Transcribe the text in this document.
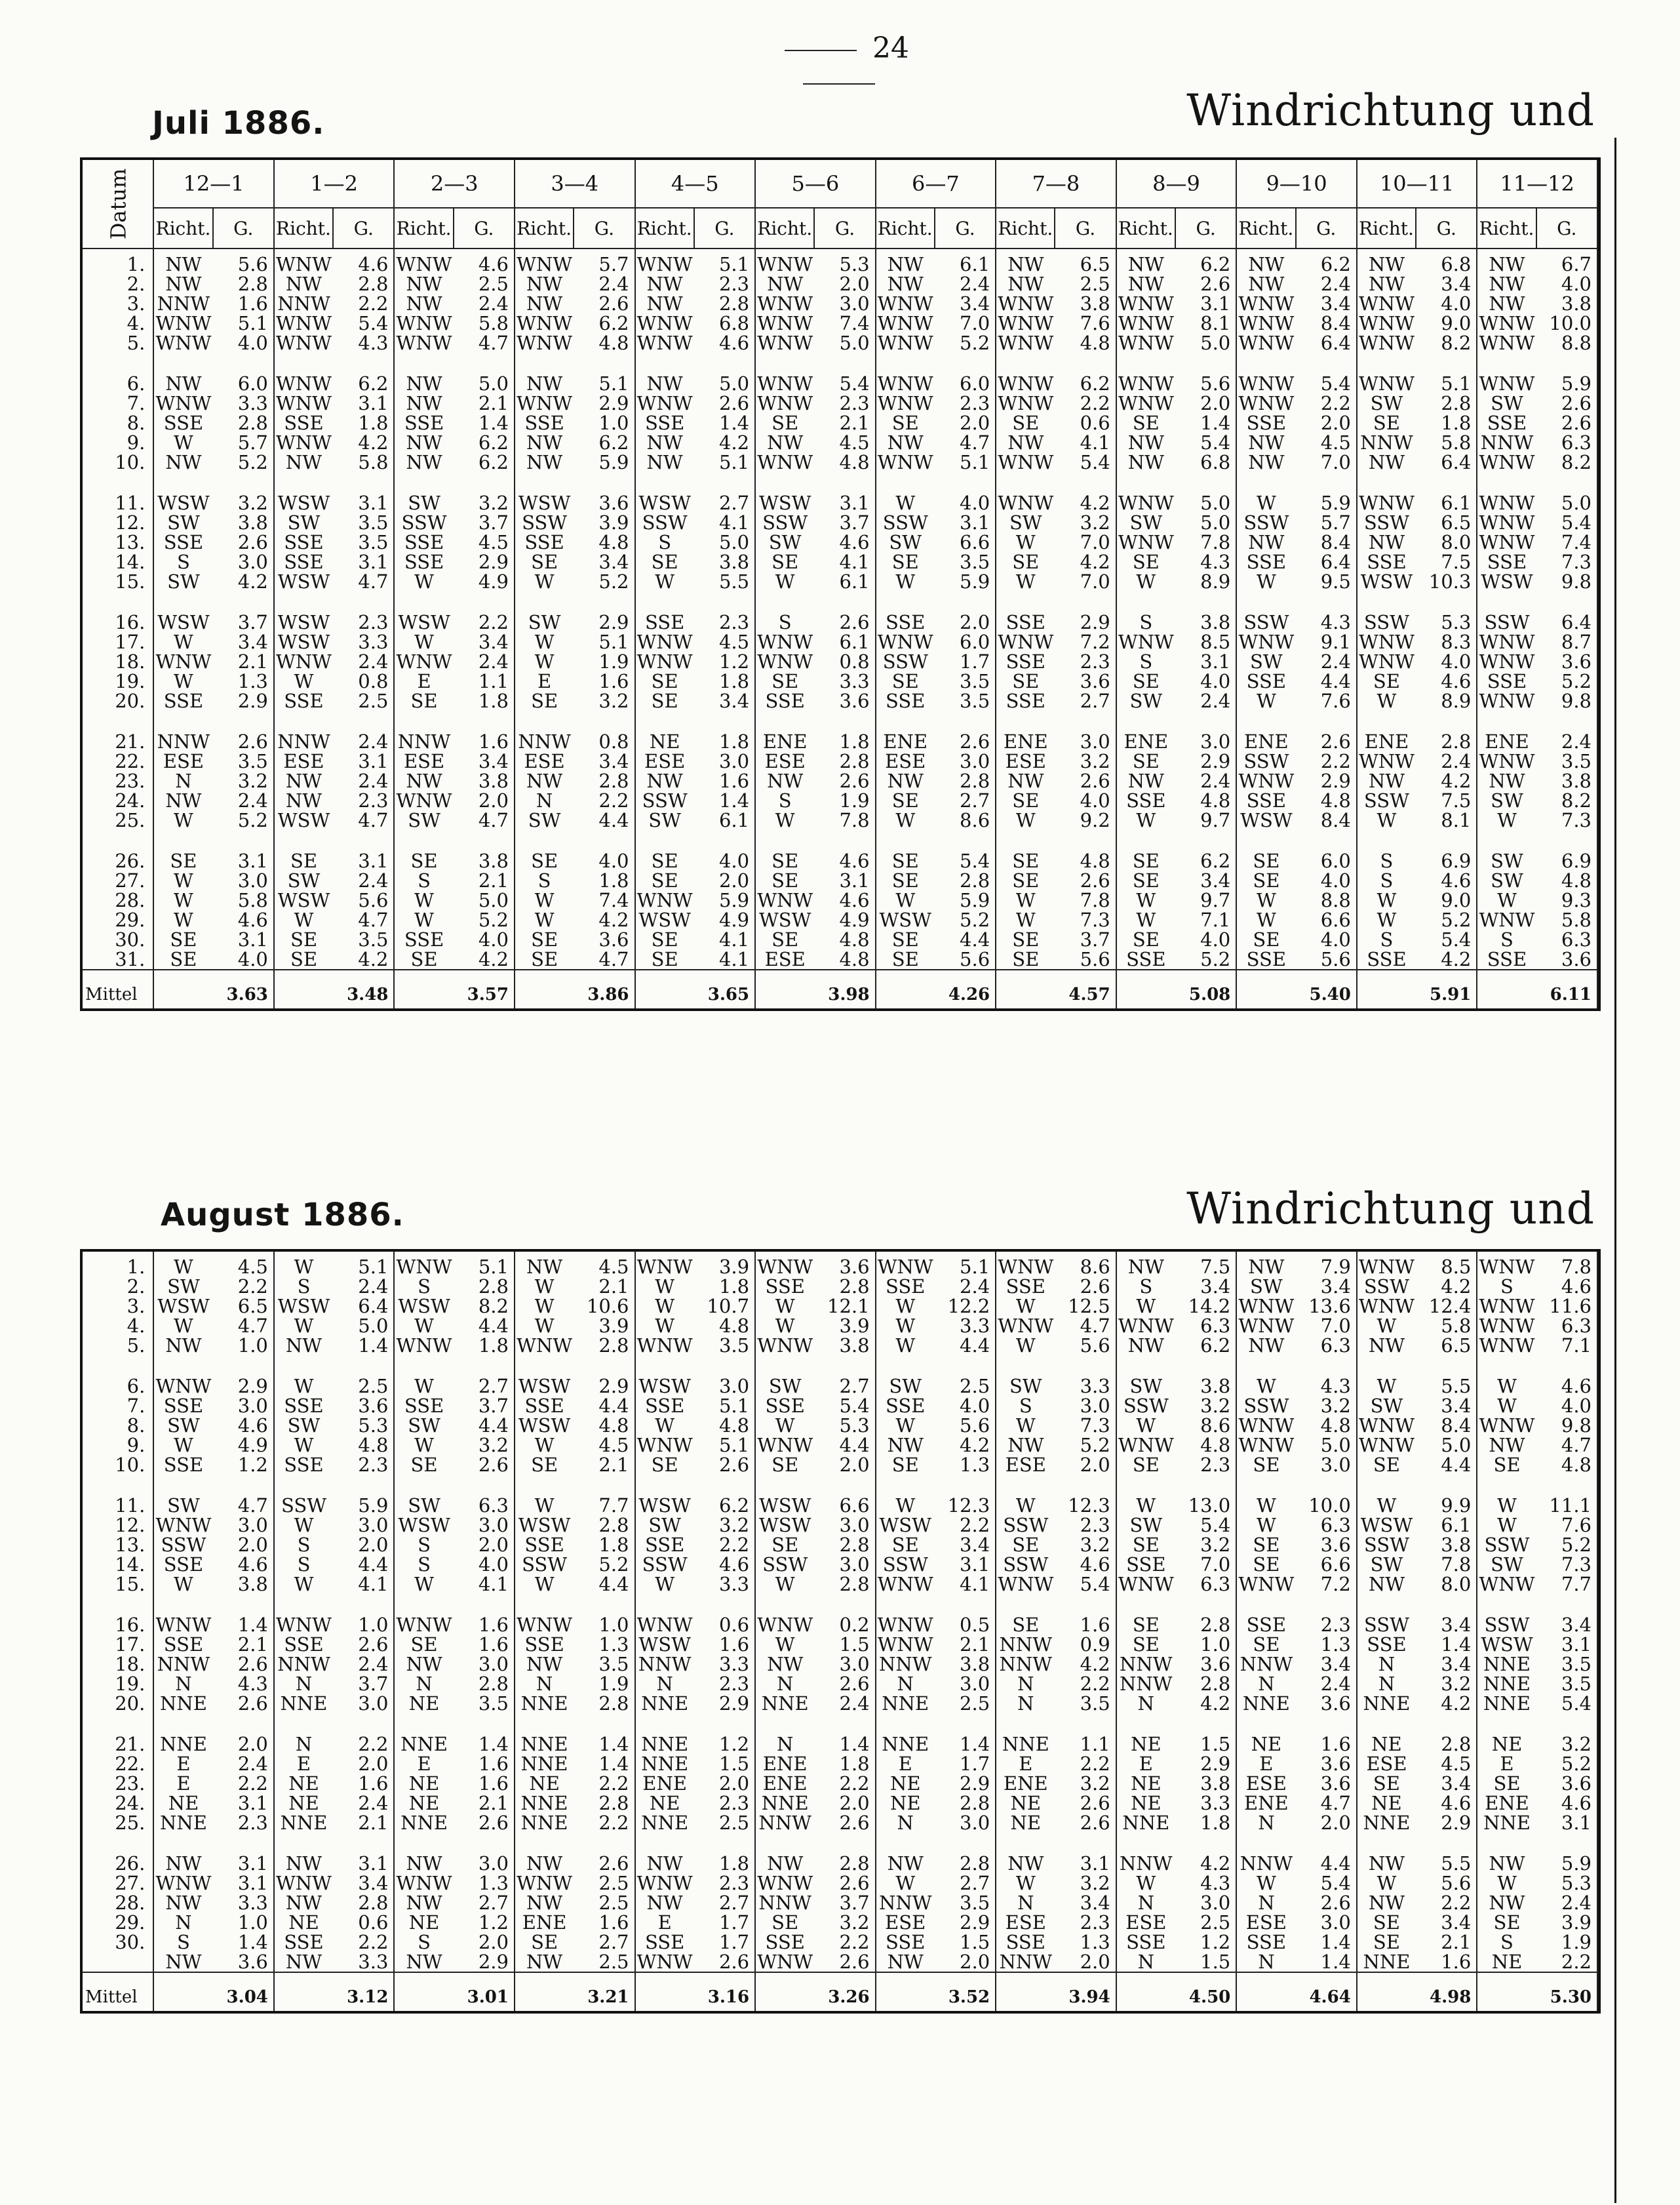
24
Juli 1886.	Windrichtung und
Datum	12—1		1—2		2—3		3—4		4—5		5—6		6—7		7—8		8—9		9—10		10—11		11—12	
	Richt.	G.	Richt.	G.	Richt.	G.	Richt.	G.	Richt.	G.	Richt.	G.	Richt.	G.	Richt.	G.	Richt.	G.	Richt.	G.	Richt.	G.	Richt.	G.
1.	NW	5.6	WNW	4.6	WNW	4.6	WNW	5.7	WNW	5.1	WNW	5.3	NW	6.1	NW	6.5	NW	6.2	NW	6.2	NW	6.8	NW	6.7
2.	NW	2.8	NW	2.8	NW	2.5	NW	2.4	NW	2.3	NW	2.0	NW	2.4	NW	2.5	NW	2.6	NW	2.4	NW	3.4	NW	4.0
3.	NNW	1.6	NNW	2.2	NW	2.4	NW	2.6	NW	2.8	WNW	3.0	WNW	3.4	WNW	3.8	WNW	3.1	WNW	3.4	WNW	4.0	NW	3.8
4.	WNW	5.1	WNW	5.4	WNW	5.8	WNW	6.2	WNW	6.8	WNW	7.4	WNW	7.0	WNW	7.6	WNW	8.1	WNW	8.4	WNW	9.0	WNW	10.0
5.	WNW	4.0	WNW	4.3	WNW	4.7	WNW	4.8	WNW	4.6	WNW	5.0	WNW	5.2	WNW	4.8	WNW	5.0	WNW	6.4	WNW	8.2	WNW	8.8

6.	NW	6.0	WNW	6.2	NW	5.0	NW	5.1	NW	5.0	WNW	5.4	WNW	6.0	WNW	6.2	WNW	5.6	WNW	5.4	WNW	5.1	WNW	5.9
7.	WNW	3.3	WNW	3.1	NW	2.1	WNW	2.9	WNW	2.6	WNW	2.3	WNW	2.3	WNW	2.2	WNW	2.0	WNW	2.2	SW	2.8	SW	2.6
8.	SSE	2.8	SSE	1.8	SSE	1.4	SSE	1.0	SSE	1.4	SE	2.1	SE	2.0	SE	0.6	SE	1.4	SSE	2.0	SE	1.8	SSE	2.6
9.	W	5.7	WNW	4.2	NW	6.2	NW	6.2	NW	4.2	NW	4.5	NW	4.7	NW	4.1	NW	5.4	NW	4.5	NNW	5.8	NNW	6.3
10.	NW	5.2	NW	5.8	NW	6.2	NW	5.9	NW	5.1	WNW	4.8	WNW	5.1	WNW	5.4	NW	6.8	NW	7.0	NW	6.4	WNW	8.2

11.	WSW	3.2	WSW	3.1	SW	3.2	WSW	3.6	WSW	2.7	WSW	3.1	W	4.0	WNW	4.2	WNW	5.0	W	5.9	WNW	6.1	WNW	5.0
12.	SW	3.8	SW	3.5	SSW	3.7	SSW	3.9	SSW	4.1	SSW	3.7	SSW	3.1	SW	3.2	SW	5.0	SSW	5.7	SSW	6.5	WNW	5.4
13.	SSE	2.6	SSE	3.5	SSE	4.5	SSE	4.8	S	5.0	SW	4.6	SW	6.6	W	7.0	WNW	7.8	NW	8.4	NW	8.0	WNW	7.4
14.	S	3.0	SSE	3.1	SSE	2.9	SE	3.4	SE	3.8	SE	4.1	SE	3.5	SE	4.2	SE	4.3	SSE	6.4	SSE	7.5	SSE	7.3
15.	SW	4.2	WSW	4.7	W	4.9	W	5.2	W	5.5	W	6.1	W	5.9	W	7.0	W	8.9	W	9.5	WSW	10.3	WSW	9.8

16.	WSW	3.7	WSW	2.3	WSW	2.2	SW	2.9	SSE	2.3	S	2.6	SSE	2.0	SSE	2.9	S	3.8	SSW	4.3	SSW	5.3	SSW	6.4
17.	W	3.4	WSW	3.3	W	3.4	W	5.1	WNW	4.5	WNW	6.1	WNW	6.0	WNW	7.2	WNW	8.5	WNW	9.1	WNW	8.3	WNW	8.7
18.	WNW	2.1	WNW	2.4	WNW	2.4	W	1.9	WNW	1.2	WNW	0.8	SSW	1.7	SSE	2.3	S	3.1	SW	2.4	WNW	4.0	WNW	3.6
19.	W	1.3	W	0.8	E	1.1	E	1.6	SE	1.8	SE	3.3	SE	3.5	SE	3.6	SE	4.0	SSE	4.4	SE	4.6	SSE	5.2
20.	SSE	2.9	SSE	2.5	SE	1.8	SE	3.2	SE	3.4	SSE	3.6	SSE	3.5	SSE	2.7	SW	2.4	W	7.6	W	8.9	WNW	9.8

21.	NNW	2.6	NNW	2.4	NNW	1.6	NNW	0.8	NE	1.8	ENE	1.8	ENE	2.6	ENE	3.0	ENE	3.0	ENE	2.6	ENE	2.8	ENE	2.4
22.	ESE	3.5	ESE	3.1	ESE	3.4	ESE	3.4	ESE	3.0	ESE	2.8	ESE	3.0	ESE	3.2	SE	2.9	SSW	2.2	WNW	2.4	WNW	3.5
23.	N	3.2	NW	2.4	NW	3.8	NW	2.8	NW	1.6	NW	2.6	NW	2.8	NW	2.6	NW	2.4	WNW	2.9	NW	4.2	NW	3.8
24.	NW	2.4	NW	2.3	WNW	2.0	N	2.2	SSW	1.4	S	1.9	SE	2.7	SE	4.0	SSE	4.8	SSE	4.8	SSW	7.5	SW	8.2
25.	W	5.2	WSW	4.7	SW	4.7	SW	4.4	SW	6.1	W	7.8	W	8.6	W	9.2	W	9.7	WSW	8.4	W	8.1	W	7.3

26.	SE	3.1	SE	3.1	SE	3.8	SE	4.0	SE	4.0	SE	4.6	SE	5.4	SE	4.8	SE	6.2	SE	6.0	S	6.9	SW	6.9
27.	W	3.0	SW	2.4	S	2.1	S	1.8	SE	2.0	SE	3.1	SE	2.8	SE	2.6	SE	3.4	SE	4.0	S	4.6	SW	4.8
28.	W	5.8	WSW	5.6	W	5.0	W	7.4	WNW	5.9	WNW	4.6	W	5.9	W	7.8	W	9.7	W	8.8	W	9.0	W	9.3
29.	W	4.6	W	4.7	W	5.2	W	4.2	WSW	4.9	WSW	4.9	WSW	5.2	W	7.3	W	7.1	W	6.6	W	5.2	WNW	5.8
30.	SE	3.1	SE	3.5	SSE	4.0	SE	3.6	SE	4.1	SE	4.8	SE	4.4	SE	3.7	SE	4.0	SE	4.0	S	5.4	S	6.3
31.	SE	4.0	SE	4.2	SE	4.2	SE	4.7	SE	4.1	ESE	4.8	SE	5.6	SE	5.6	SSE	5.2	SSE	5.6	SSE	4.2	SSE	3.6
Mittel		3.63		3.48		3.57		3.86		3.65		3.98		4.26		4.57		5.08		5.40		5.91		6.11
August 1886.	Windrichtung und
1.	W	4.5	W	5.1	WNW	5.1	NW	4.5	WNW	3.9	WNW	3.6	WNW	5.1	WNW	8.6	NW	7.5	NW	7.9	WNW	8.5	WNW	7.8
2.	SW	2.2	S	2.4	S	2.8	W	2.1	W	1.8	SSE	2.8	SSE	2.4	SSE	2.6	S	3.4	SW	3.4	SSW	4.2	S	4.6
3.	WSW	6.5	WSW	6.4	WSW	8.2	W	10.6	W	10.7	W	12.1	W	12.2	W	12.5	W	14.2	WNW	13.6	WNW	12.4	WNW	11.6
4.	W	4.7	W	5.0	W	4.4	W	3.9	W	4.8	W	3.9	W	3.3	WNW	4.7	WNW	6.3	WNW	7.0	W	5.8	WNW	6.3
5.	NW	1.0	NW	1.4	WNW	1.8	WNW	2.8	WNW	3.5	WNW	3.8	W	4.4	W	5.6	NW	6.2	NW	6.3	NW	6.5	WNW	7.1

6.	WNW	2.9	W	2.5	W	2.7	WSW	2.9	WSW	3.0	SW	2.7	SW	2.5	SW	3.3	SW	3.8	W	4.3	W	5.5	W	4.6
7.	SSE	3.0	SSE	3.6	SSE	3.7	SSE	4.4	SSE	5.1	SSE	5.4	SSE	4.0	S	3.0	SSW	3.2	SSW	3.2	SW	3.4	W	4.0
8.	SW	4.6	SW	5.3	SW	4.4	WSW	4.8	W	4.8	W	5.3	W	5.6	W	7.3	W	8.6	WNW	4.8	WNW	8.4	WNW	9.8
9.	W	4.9	W	4.8	W	3.2	W	4.5	WNW	5.1	WNW	4.4	NW	4.2	NW	5.2	WNW	4.8	WNW	5.0	WNW	5.0	NW	4.7
10.	SSE	1.2	SSE	2.3	SE	2.6	SE	2.1	SE	2.6	SE	2.0	SE	1.3	ESE	2.0	SE	2.3	SE	3.0	SE	4.4	SE	4.8

11.	SW	4.7	SSW	5.9	SW	6.3	W	7.7	WSW	6.2	WSW	6.6	W	12.3	W	12.3	W	13.0	W	10.0	W	9.9	W	11.1
12.	WNW	3.0	W	3.0	WSW	3.0	WSW	2.8	SW	3.2	WSW	3.0	WSW	2.2	SSW	2.3	SW	5.4	W	6.3	WSW	6.1	W	7.6
13.	SSW	2.0	S	2.0	S	2.0	SSE	1.8	SSE	2.2	SE	2.8	SE	3.4	SE	3.2	SE	3.2	SE	3.6	SSW	3.8	SSW	5.2
14.	SSE	4.6	S	4.4	S	4.0	SSW	5.2	SSW	4.6	SSW	3.0	SSW	3.1	SSW	4.6	SSE	7.0	SE	6.6	SW	7.8	SW	7.3
15.	W	3.8	W	4.1	W	4.1	W	4.4	W	3.3	W	2.8	WNW	4.1	WNW	5.4	WNW	6.3	WNW	7.2	NW	8.0	WNW	7.7

16.	WNW	1.4	WNW	1.0	WNW	1.6	WNW	1.0	WNW	0.6	WNW	0.2	WNW	0.5	SE	1.6	SE	2.8	SSE	2.3	SSW	3.4	SSW	3.4
17.	SSE	2.1	SSE	2.6	SE	1.6	SSE	1.3	WSW	1.6	W	1.5	WNW	2.1	NNW	0.9	SE	1.0	SE	1.3	SSE	1.4	WSW	3.1
18.	NNW	2.6	NNW	2.4	NW	3.0	NW	3.5	NNW	3.3	NW	3.0	NNW	3.8	NNW	4.2	NNW	3.6	NNW	3.4	N	3.4	NNE	3.5
19.	N	4.3	N	3.7	N	2.8	N	1.9	N	2.3	N	2.6	N	3.0	N	2.2	NNW	2.8	N	2.4	N	3.2	NNE	3.5
20.	NNE	2.6	NNE	3.0	NE	3.5	NNE	2.8	NNE	2.9	NNE	2.4	NNE	2.5	N	3.5	N	4.2	NNE	3.6	NNE	4.2	NNE	5.4

21.	NNE	2.0	N	2.2	NNE	1.4	NNE	1.4	NNE	1.2	N	1.4	NNE	1.4	NNE	1.1	NE	1.5	NE	1.6	NE	2.8	NE	3.2
22.	E	2.4	E	2.0	E	1.6	NNE	1.4	NNE	1.5	ENE	1.8	E	1.7	E	2.2	E	2.9	E	3.6	ESE	4.5	E	5.2
23.	E	2.2	NE	1.6	NE	1.6	NE	2.2	ENE	2.0	ENE	2.2	NE	2.9	ENE	3.2	NE	3.8	ESE	3.6	SE	3.4	SE	3.6
24.	NE	3.1	NE	2.4	NE	2.1	NNE	2.8	NE	2.3	NNE	2.0	NE	2.8	NE	2.6	NE	3.3	ENE	4.7	NE	4.6	ENE	4.6
25.	NNE	2.3	NNE	2.1	NNE	2.6	NNE	2.2	NNE	2.5	NNW	2.6	N	3.0	NE	2.6	NNE	1.8	N	2.0	NNE	2.9	NNE	3.1

26.	NW	3.1	NW	3.1	NW	3.0	NW	2.6	NW	1.8	NW	2.8	NW	2.8	NW	3.1	NNW	4.2	NNW	4.4	NW	5.5	NW	5.9
27.	WNW	3.1	WNW	3.4	WNW	1.3	WNW	2.5	WNW	2.3	WNW	2.6	W	2.7	W	3.2	W	4.3	W	5.4	W	5.6	W	5.3
28.	NW	3.3	NW	2.8	NW	2.7	NW	2.5	NW	2.7	NNW	3.7	NNW	3.5	N	3.4	N	3.0	N	2.6	NW	2.2	NW	2.4
29.	N	1.0	NE	0.6	NE	1.2	ENE	1.6	E	1.7	SE	3.2	ESE	2.9	ESE	2.3	ESE	2.5	ESE	3.0	SE	3.4	SE	3.9
30.	S	1.4	SSE	2.2	S	2.0	SE	2.7	SSE	1.7	SSE	2.2	SSE	1.5	SSE	1.3	SSE	1.2	SSE	1.4	SE	2.1	S	1.9
	NW	3.6	NW	3.3	NW	2.9	NW	2.5	WNW	2.6	WNW	2.6	NW	2.0	NNW	2.0	N	1.5	N	1.4	NNE	1.6	NE	2.2
Mittel		3.04		3.12		3.01		3.21		3.16		3.26		3.52		3.94		4.50		4.64		4.98		5.30
